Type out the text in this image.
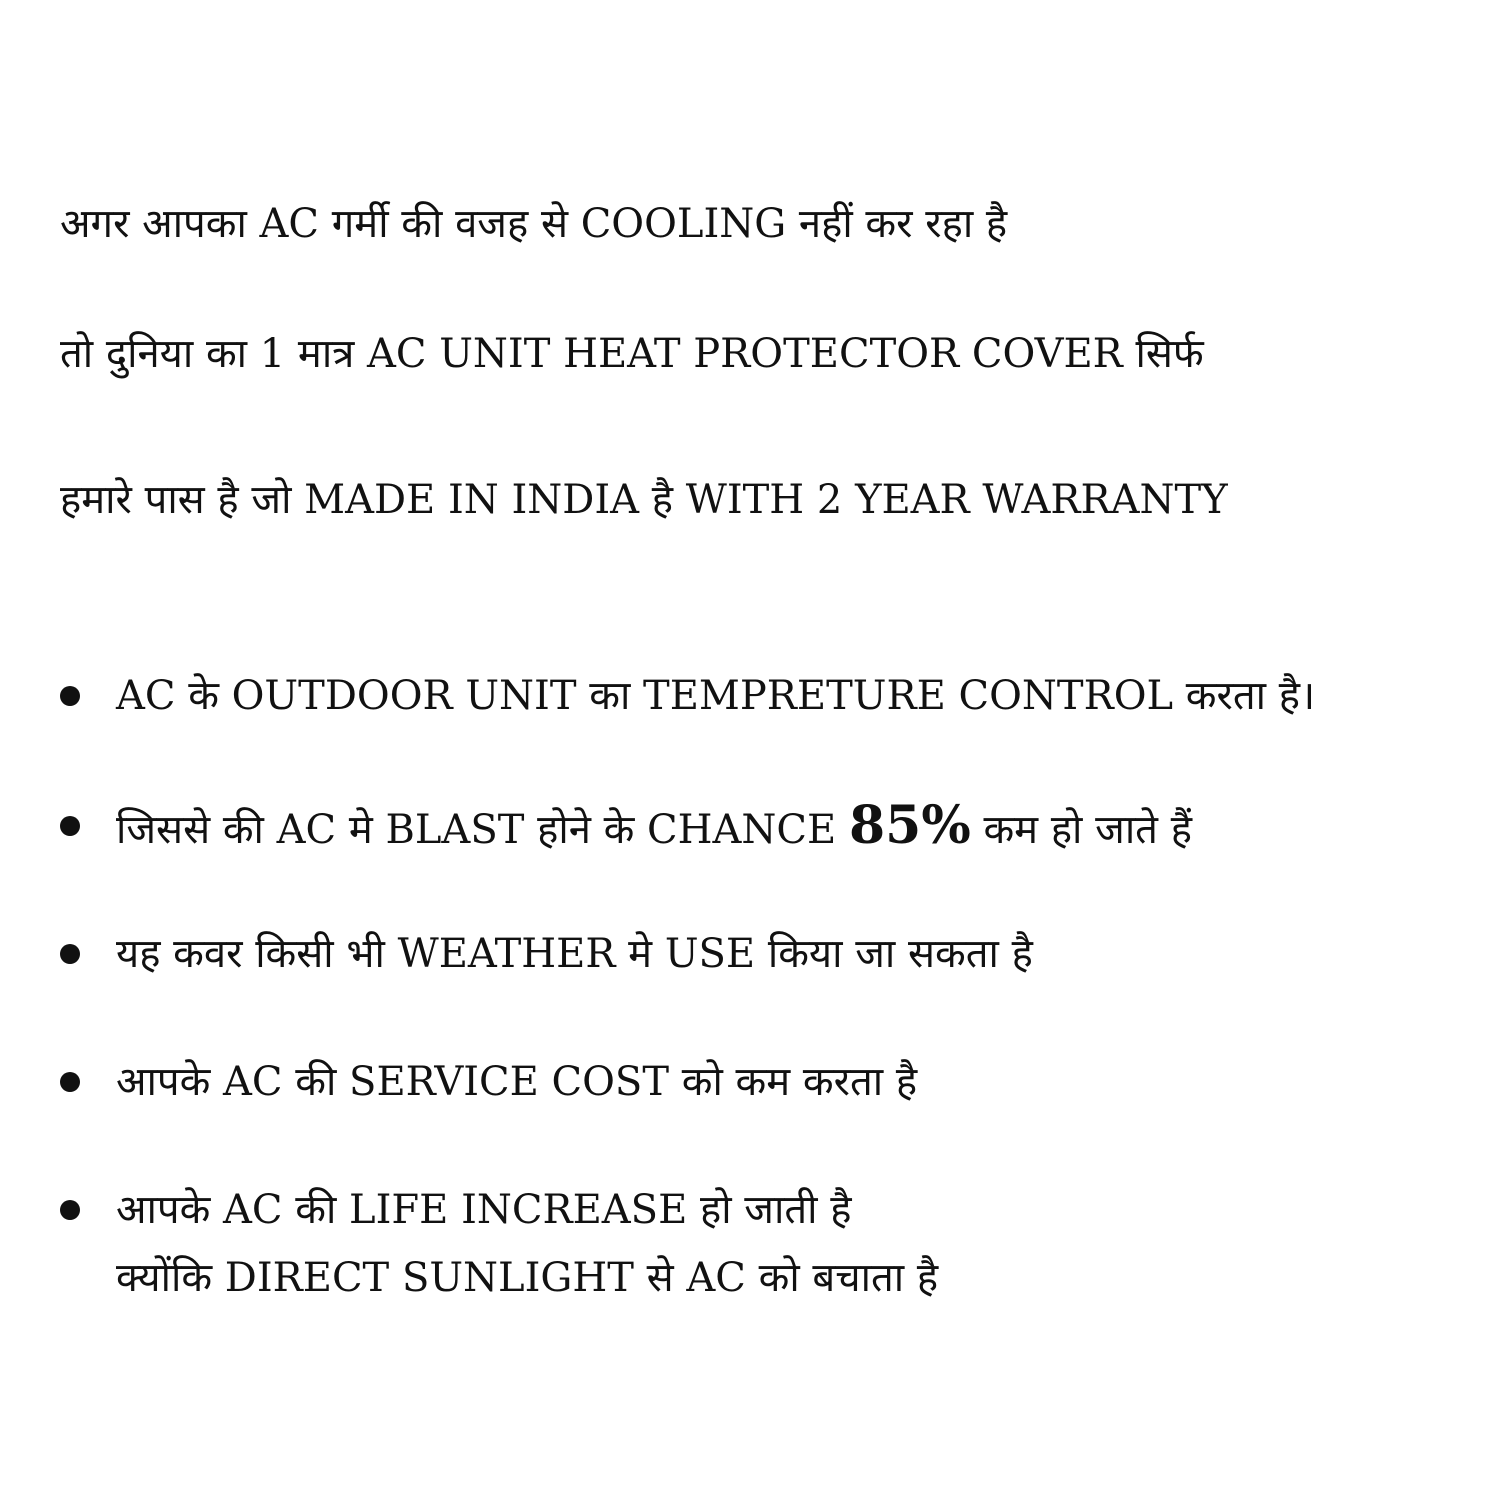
अगर आपका AC गर्मी की वजह से COOLING नहीं कर रहा है
तो दुनिया का 1 मात्र AC UNIT HEAT PROTECTOR COVER सिर्फ
हमारे पास है जो MADE IN INDIA है WITH 2 YEAR WARRANTY
AC के OUTDOOR UNIT का TEMPRETURE CONTROL करता है।
जिससे की AC मे BLAST होने के CHANCE 85% कम हो जाते हैं
यह कवर किसी भी WEATHER मे USE किया जा सकता है
आपके AC की SERVICE COST को कम करता है
आपके AC की LIFE INCREASE हो जाती है
क्योंकि DIRECT SUNLIGHT से AC को बचाता है
